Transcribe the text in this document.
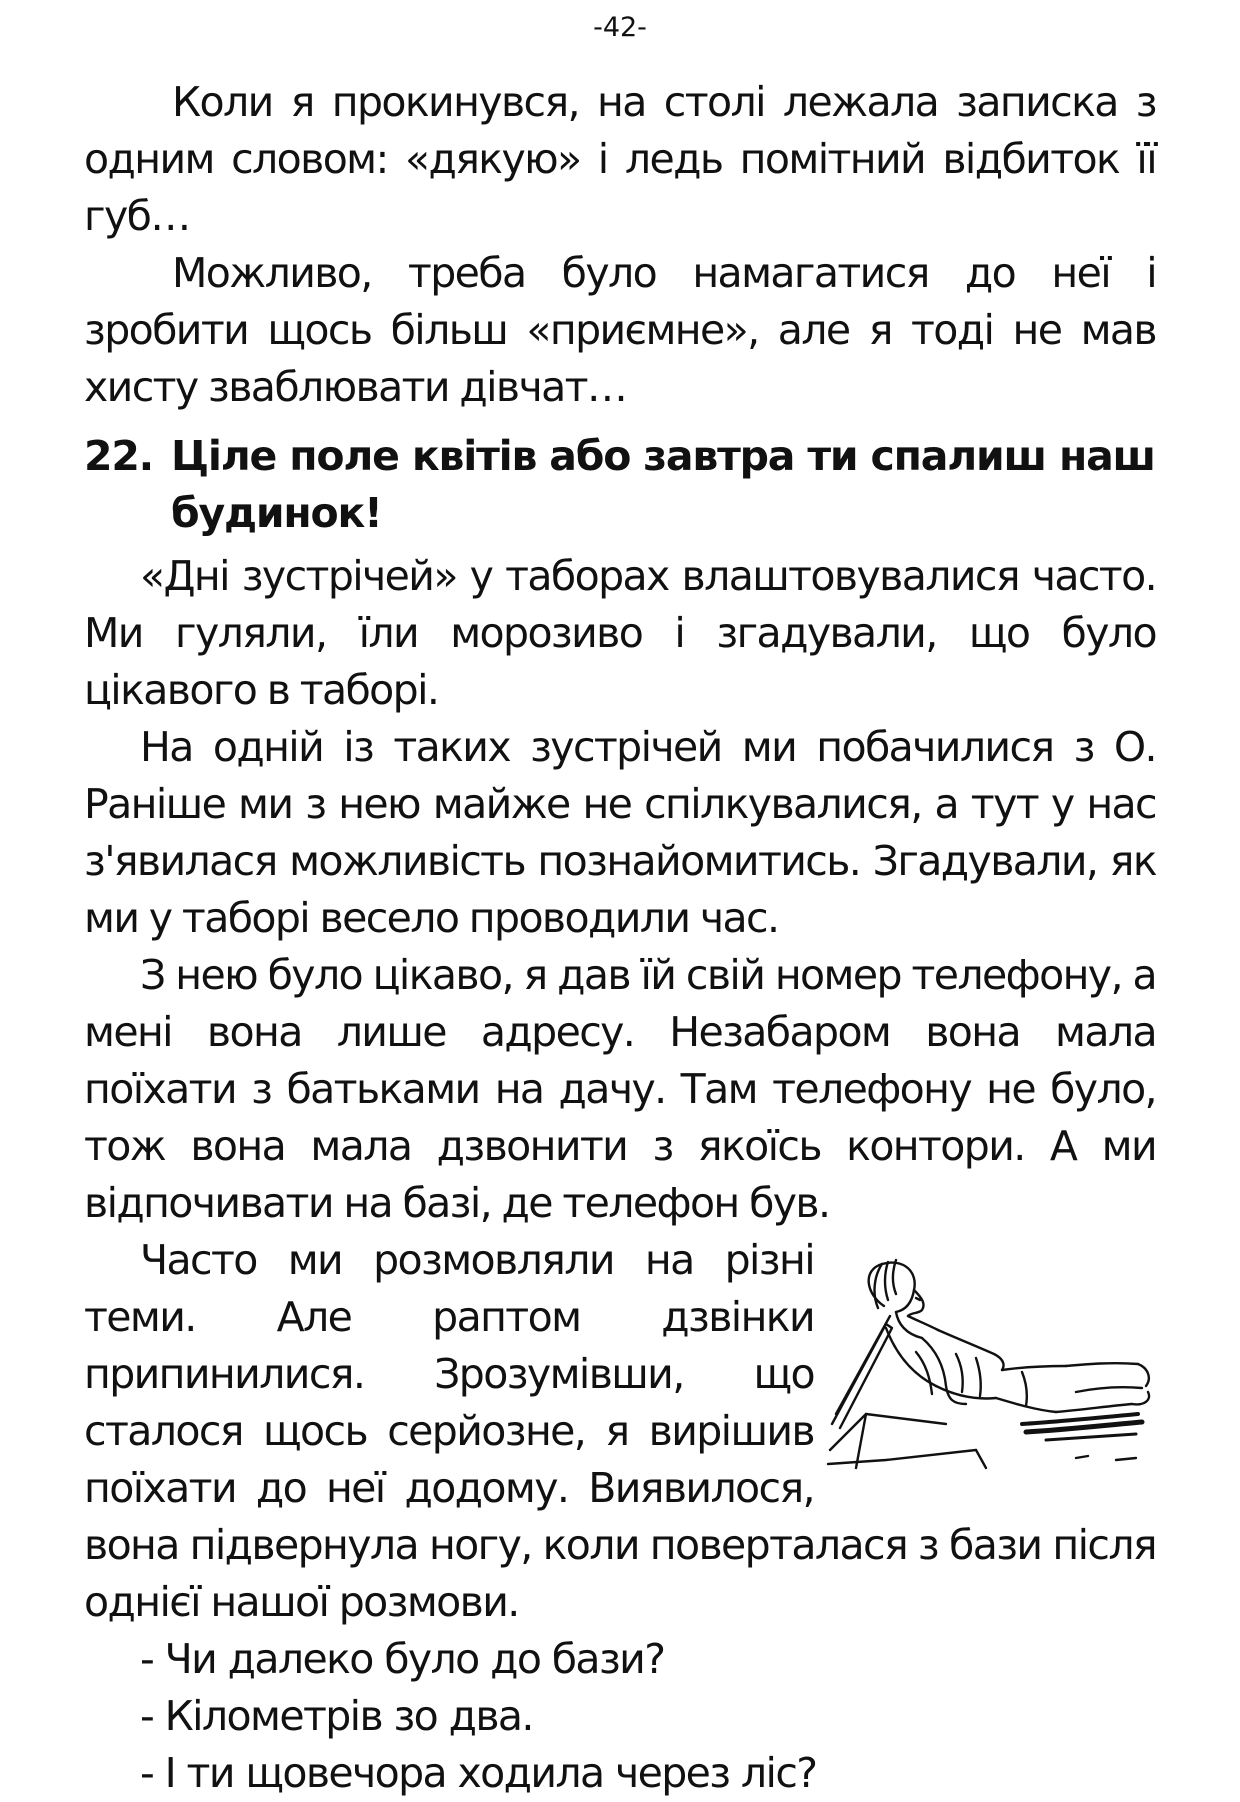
-42-

Коли я прокинувся, на столі лежала записка з одним словом: «дякую» і ледь помітний відбиток її губ…

Можливо, треба було намагатися до неї і зробити щось більш «приємне», але я тоді не мав хисту зваблювати дівчат…

22. Ціле поле квітів або завтра ти спалиш наш будинок!

«Дні зустрічей» у таборах влаштовувалися часто. Ми гуляли, їли морозиво і згадували, що було цікавого в таборі.

На одній із таких зустрічей ми побачилися з О. Раніше ми з нею майже не спілкувалися, а тут у нас з'явилася можливість познайомитись. Згадували, як ми у таборі весело проводили час.

З нею було цікаво, я дав їй свій номер телефону, а мені вона лише адресу. Незабаром вона мала поїхати з батьками на дачу. Там телефону не було, тож вона мала дзвонити з якоїсь контори. А ми відпочивати на базі, де телефон був.

Часто ми розмовляли на різні теми. Але раптом дзвінки припинилися. Зрозумівши, що сталося щось серйозне, я вирішив поїхати до неї додому. Виявилося, вона підвернула ногу, коли поверталася з бази після однієї нашої розмови.

- Чи далеко було до бази?

- Кілометрів зо два.

- І ти щовечора ходила через ліс?
